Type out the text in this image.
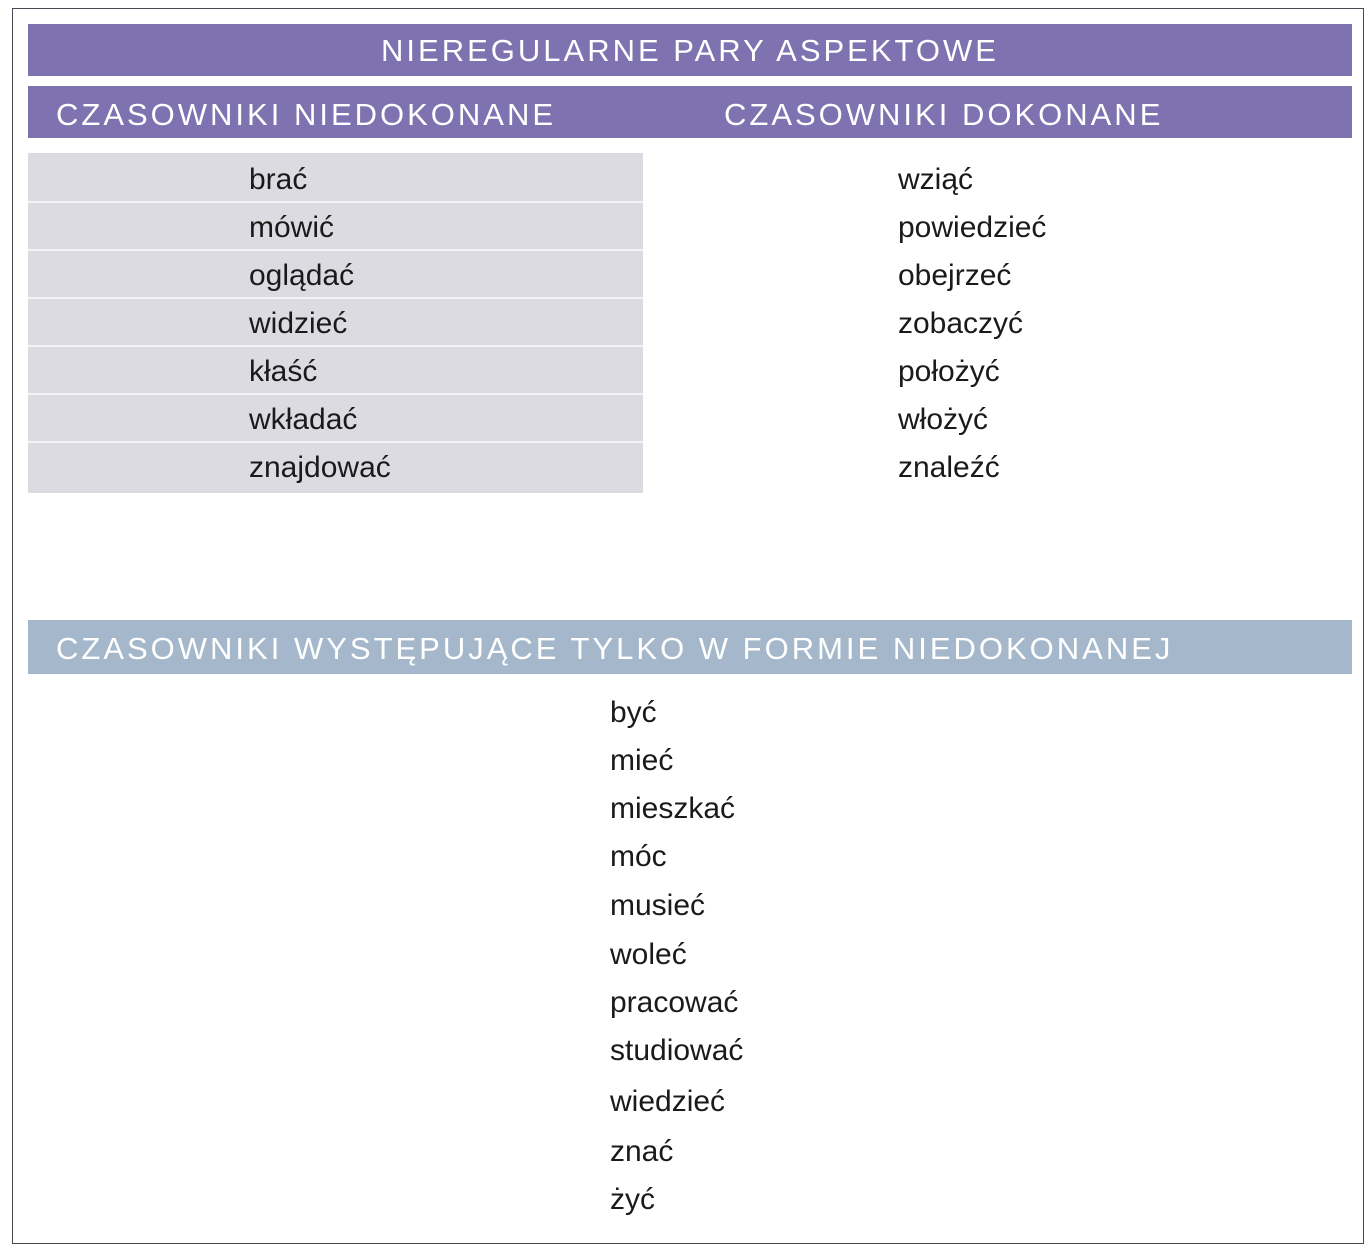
NIEREGULARNE PARY ASPEKTOWE
CZASOWNIKI NIEDOKONANE	CZASOWNIKI DOKONANE
brać	wziąć
mówić	powiedzieć
oglądać	obejrzeć
widzieć	zobaczyć
kłaść	położyć
wkładać	włożyć
znajdować	znaleźć
CZASOWNIKI WYSTĘPUJĄCE TYLKO W FORMIE NIEDOKONANEJ
być
mieć
mieszkać
móc
musieć
woleć
pracować
studiować
wiedzieć
znać
żyć
